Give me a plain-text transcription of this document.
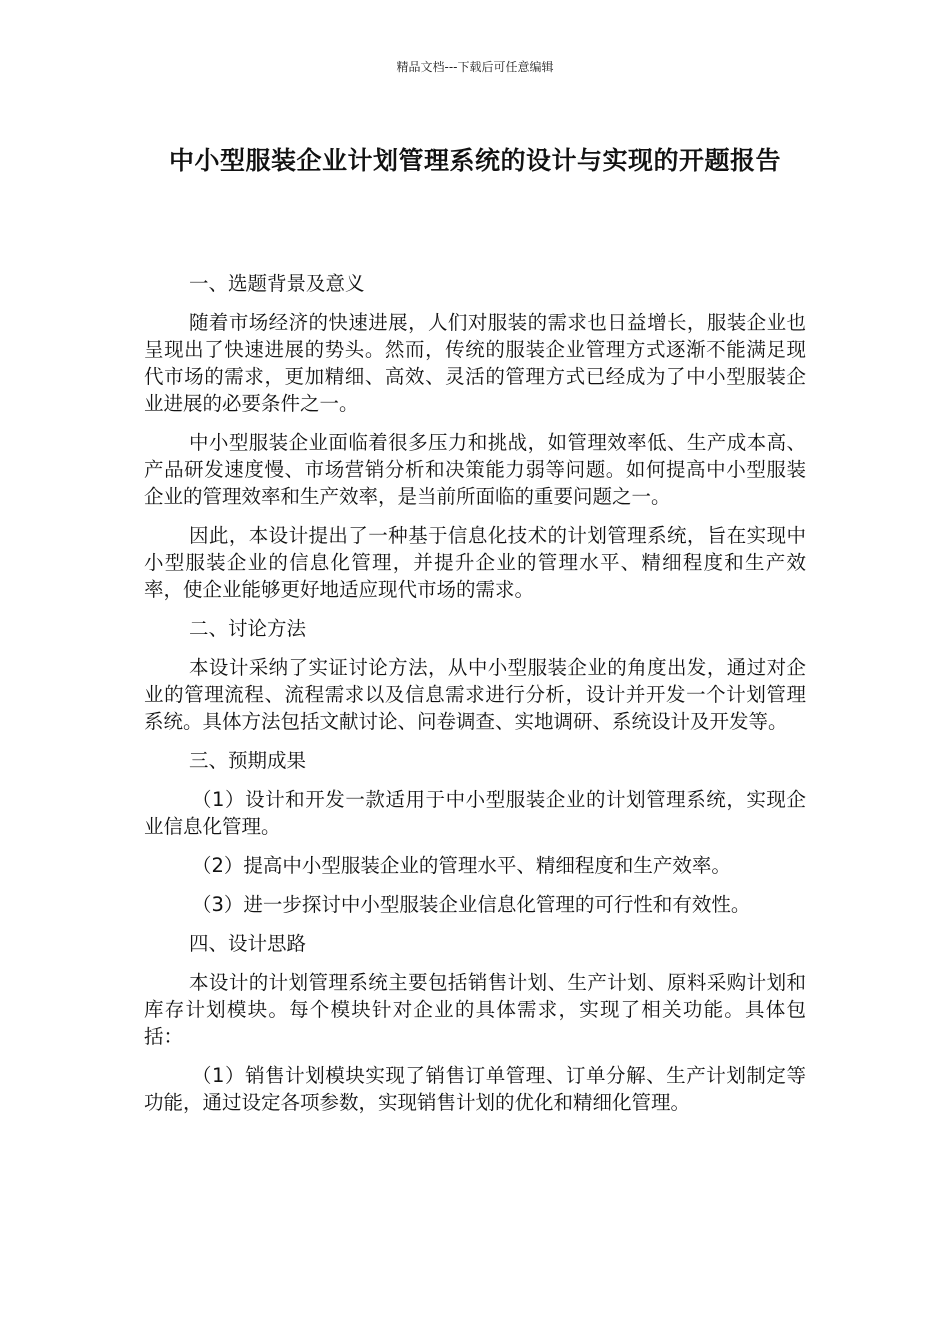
精品文档---下载后可任意编辑
中小型服装企业计划管理系统的设计与实现的开题报告

一、选题背景及意义

随着市场经济的快速进展，人们对服装的需求也日益增长，服装企业也呈现出了快速进展的势头。然而，传统的服装企业管理方式逐渐不能满足现代市场的需求，更加精细、高效、灵活的管理方式已经成为了中小型服装企业进展的必要条件之一。

中小型服装企业面临着很多压力和挑战，如管理效率低、生产成本高、产品研发速度慢、市场营销分析和决策能力弱等问题。如何提高中小型服装企业的管理效率和生产效率，是当前所面临的重要问题之一。

因此，本设计提出了一种基于信息化技术的计划管理系统，旨在实现中小型服装企业的信息化管理，并提升企业的管理水平、精细程度和生产效率，使企业能够更好地适应现代市场的需求。

二、讨论方法

本设计采纳了实证讨论方法，从中小型服装企业的角度出发，通过对企业的管理流程、流程需求以及信息需求进行分析，设计并开发一个计划管理系统。具体方法包括文献讨论、问卷调查、实地调研、系统设计及开发等。

三、预期成果

（1）设计和开发一款适用于中小型服装企业的计划管理系统，实现企业信息化管理。

（2）提高中小型服装企业的管理水平、精细程度和生产效率。

（3）进一步探讨中小型服装企业信息化管理的可行性和有效性。

四、设计思路

本设计的计划管理系统主要包括销售计划、生产计划、原料采购计划和库存计划模块。每个模块针对企业的具体需求，实现了相关功能。具体包括：

（1）销售计划模块实现了销售订单管理、订单分解、生产计划制定等功能，通过设定各项参数，实现销售计划的优化和精细化管理。
